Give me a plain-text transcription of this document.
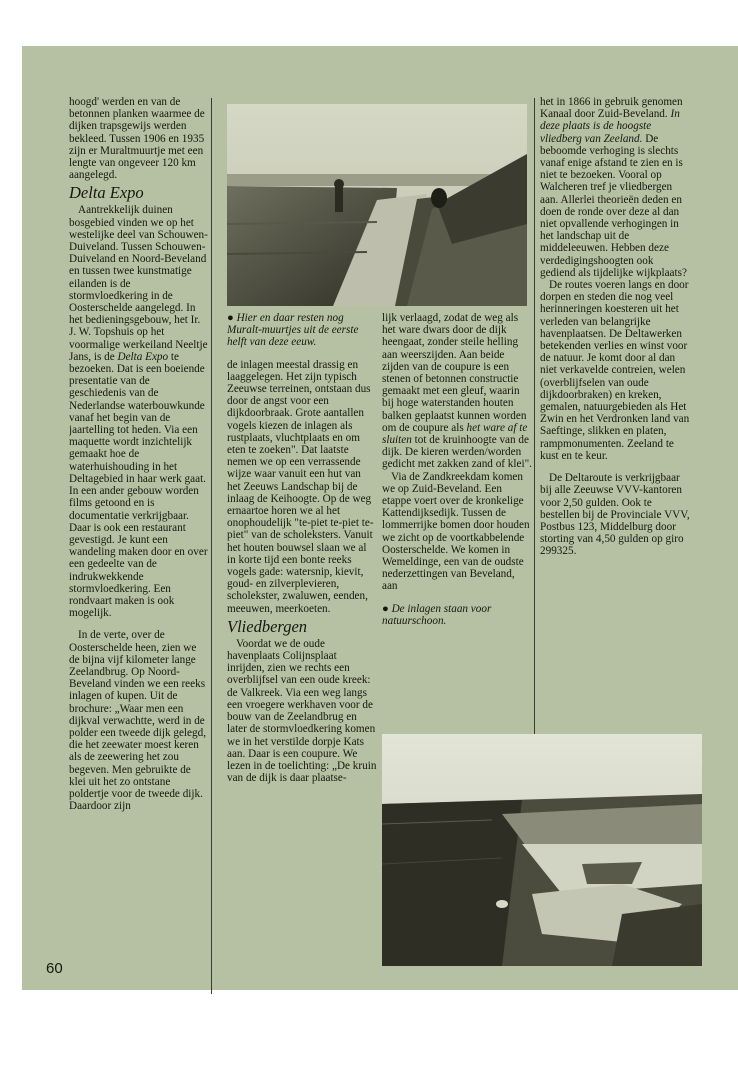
hoogd' werden en van de betonnen planken waarmee de dijken trapsgewijs werden bekleed. Tussen 1906 en 1935 zijn er Muraltmuurtje met een lengte van ongeveer 120 km aangelegd.

Delta Expo

Aantrekkelijk duinen bosgebied vinden we op het westelijke deel van Schouwen-Duiveland. Tussen Schouwen-Duiveland en Noord-Beveland en tussen twee kunstmatige eilanden is de stormvloedkering in de Oosterschelde aangelegd. In het bedieningsgebouw, het Ir. J. W. Topshuis op het voormalige werkeiland Neeltje Jans, is de Delta Expo te bezoeken. Dat is een boeiende presentatie van de geschiedenis van de Nederlandse waterbouwkunde vanaf het begin van de jaartelling tot heden. Via een maquette wordt inzichtelijk gemaakt hoe de waterhuishouding in het Deltagebied in haar werk gaat. In een ander gebouw worden films getoond en is documentatie verkrijgbaar. Daar is ook een restaurant gevestigd. Je kunt een wandeling maken door en over een gedeelte van de indrukwekkende stormvloedkering. Een rondvaart maken is ook mogelijk.

In de verte, over de Oosterschelde heen, zien we de bijna vijf kilometer lange Zeelandbrug. Op Noord-Beveland vinden we een reeks inlagen of kupen. Uit de brochure: „Waar men een dijkval verwachtte, werd in de polder een tweede dijk gelegd, die het zeewater moest keren als de zeewering het zou begeven. Men gebruikte de klei uit het zo ontstane poldertje voor de tweede dijk. Daardoor zijn

● Hier en daar resten nog Muralt-muurtjes uit de eerste helft van deze eeuw.

de inlagen meestal drassig en laaggelegen. Het zijn typisch Zeeuwse terreinen, ontstaan dus door de angst voor een dijkdoorbraak. Grote aantallen vogels kiezen de inlagen als rustplaats, vluchtplaats en om eten te zoeken". Dat laatste nemen we op een verrassende wijze waar vanuit een hut van het Zeeuws Landschap bij de inlaag de Keihoogte. Op de weg ernaartoe horen we al het onophoudelijk "te-piet te-piet te-piet" van de scholeksters. Vanuit het houten bouwsel slaan we al in korte tijd een bonte reeks vogels gade: watersnip, kievit, goud- en zilverplevieren, scholekster, zwaluwen, eenden, meeuwen, meerkoeten.

Vliedbergen

Voordat we de oude havenplaats Colijnsplaat inrijden, zien we rechts een overblijfsel van een oude kreek: de Valkreek. Via een weg langs een vroegere werkhaven voor de bouw van de Zeelandbrug en later de stormvloedkering komen we in het verstilde dorpje Kats aan. Daar is een coupure. We lezen in de toelichting: „De kruin van de dijk is daar plaatse-

lijk verlaagd, zodat de weg als het ware dwars door de dijk heengaat, zonder steile helling aan weerszijden. Aan beide zijden van de coupure is een stenen of betonnen constructie gemaakt met een gleuf, waarin bij hoge waterstanden houten balken geplaatst kunnen worden om de coupure als het ware af te sluiten tot de kruinhoogte van de dijk. De kieren werden/worden gedicht met zakken zand of klei".

Via de Zandkreekdam komen we op Zuid-Beveland. Een etappe voert over de kronkelige Kattendijksedijk. Tussen de lommerrijke bomen door houden we zicht op de voortkabbelende Oosterschelde. We komen in Wemeldinge, een van de oudste nederzettingen van Beveland, aan

● De inlagen staan voor natuurschoon.

het in 1866 in gebruik genomen Kanaal door Zuid-Beveland. In deze plaats is de hoogste vliedberg van Zeeland. De beboomde verhoging is slechts vanaf enige afstand te zien en is niet te bezoeken. Vooral op Walcheren tref je vliedbergen aan. Allerlei theorieën deden en doen de ronde over deze al dan niet opvallende verhogingen in het landschap uit de middeleeuwen. Hebben deze verdedigingshoogten ook gediend als tijdelijke wijkplaats?

De routes voeren langs en door dorpen en steden die nog veel herinneringen koesteren uit het verleden van belangrijke havenplaatsen. De Deltawerken betekenden verlies en winst voor de natuur. Je komt door al dan niet verkavelde contreien, welen (overblijfselen van oude dijkdoorbraken) en kreken, gemalen, natuurgebieden als Het Zwin en het Verdronken land van Saeftinge, slikken en platen, rampmonumenten. Zeeland te kust en te keur.

De Deltaroute is verkrijgbaar bij alle Zeeuwse VVV-kantoren voor 2,50 gulden. Ook te bestellen bij de Provinciale VVV, Postbus 123, Middelburg door storting van 4,50 gulden op giro 299325.

60
